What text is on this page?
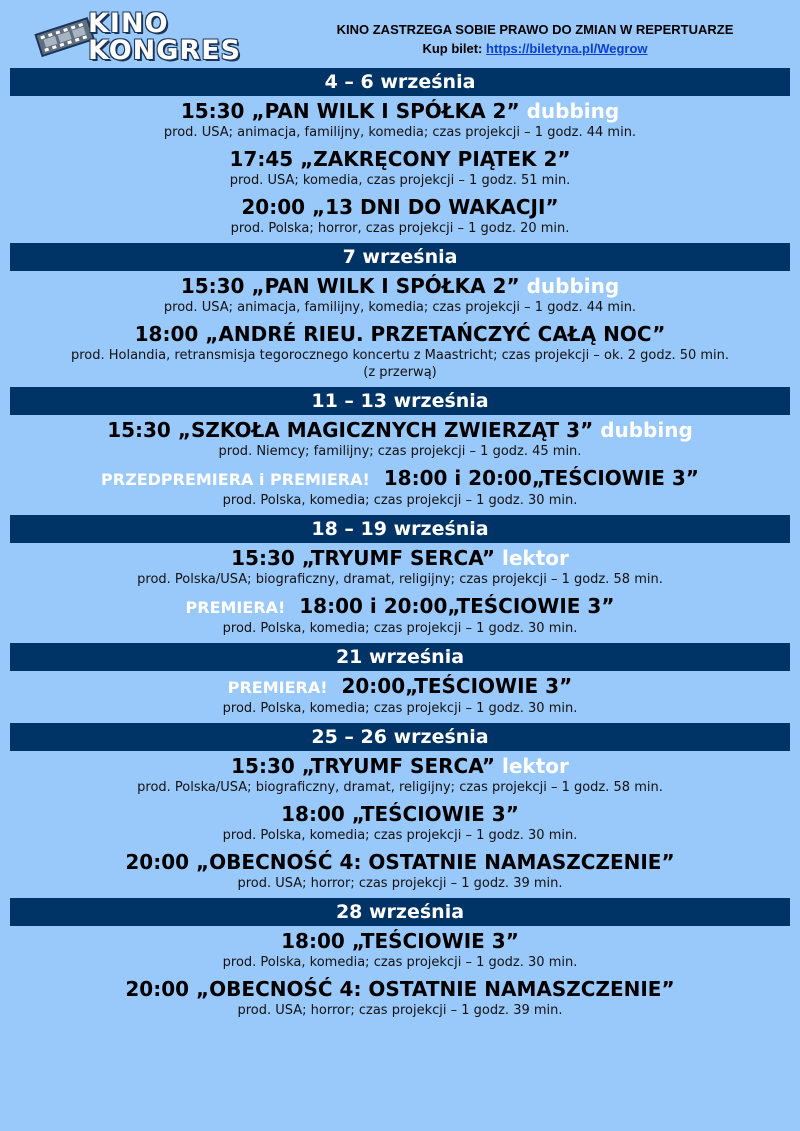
KINO
KONGRES
KINO ZASTRZEGA SOBIE PRAWO DO ZMIAN W REPERTUARZE
Kup bilet: https://biletyna.pl/Wegrow
4 – 6 września
15:30 „PAN WILK I SPÓŁKA 2” dubbing
prod. USA; animacja, familijny, komedia; czas projekcji – 1 godz. 44 min.
17:45 „ZAKRĘCONY PIĄTEK 2”
prod. USA; komedia, czas projekcji – 1 godz. 51 min.
20:00 „13 DNI DO WAKACJI”
prod. Polska; horror, czas projekcji – 1 godz. 20 min.
7 września
15:30 „PAN WILK I SPÓŁKA 2” dubbing
prod. USA; animacja, familijny, komedia; czas projekcji – 1 godz. 44 min.
18:00 „ANDRÉ RIEU. PRZETAŃCZYĆ CAŁĄ NOC”
prod. Holandia, retransmisja tegorocznego koncertu z Maastricht; czas projekcji – ok. 2 godz. 50 min.
(z przerwą)
11 – 13 września
15:30 „SZKOŁA MAGICZNYCH ZWIERZĄT 3” dubbing
prod. Niemcy; familijny; czas projekcji – 1 godz. 45 min.
PRZEDPREMIERA i PREMIERA! 18:00 i 20:00„TEŚCIOWIE 3”
prod. Polska, komedia; czas projekcji – 1 godz. 30 min.
18 – 19 września
15:30 „TRYUMF SERCA” lektor
prod. Polska/USA; biograficzny, dramat, religijny; czas projekcji – 1 godz. 58 min.
PREMIERA! 18:00 i 20:00„TEŚCIOWIE 3”
prod. Polska, komedia; czas projekcji – 1 godz. 30 min.
21 września
PREMIERA! 20:00„TEŚCIOWIE 3”
prod. Polska, komedia; czas projekcji – 1 godz. 30 min.
25 – 26 września
15:30 „TRYUMF SERCA” lektor
prod. Polska/USA; biograficzny, dramat, religijny; czas projekcji – 1 godz. 58 min.
18:00 „TEŚCIOWIE 3”
prod. Polska, komedia; czas projekcji – 1 godz. 30 min.
20:00 „OBECNOŚĆ 4: OSTATNIE NAMASZCZENIE”
prod. USA; horror; czas projekcji – 1 godz. 39 min.
28 września
18:00 „TEŚCIOWIE 3”
prod. Polska, komedia; czas projekcji – 1 godz. 30 min.
20:00 „OBECNOŚĆ 4: OSTATNIE NAMASZCZENIE”
prod. USA; horror; czas projekcji – 1 godz. 39 min.
